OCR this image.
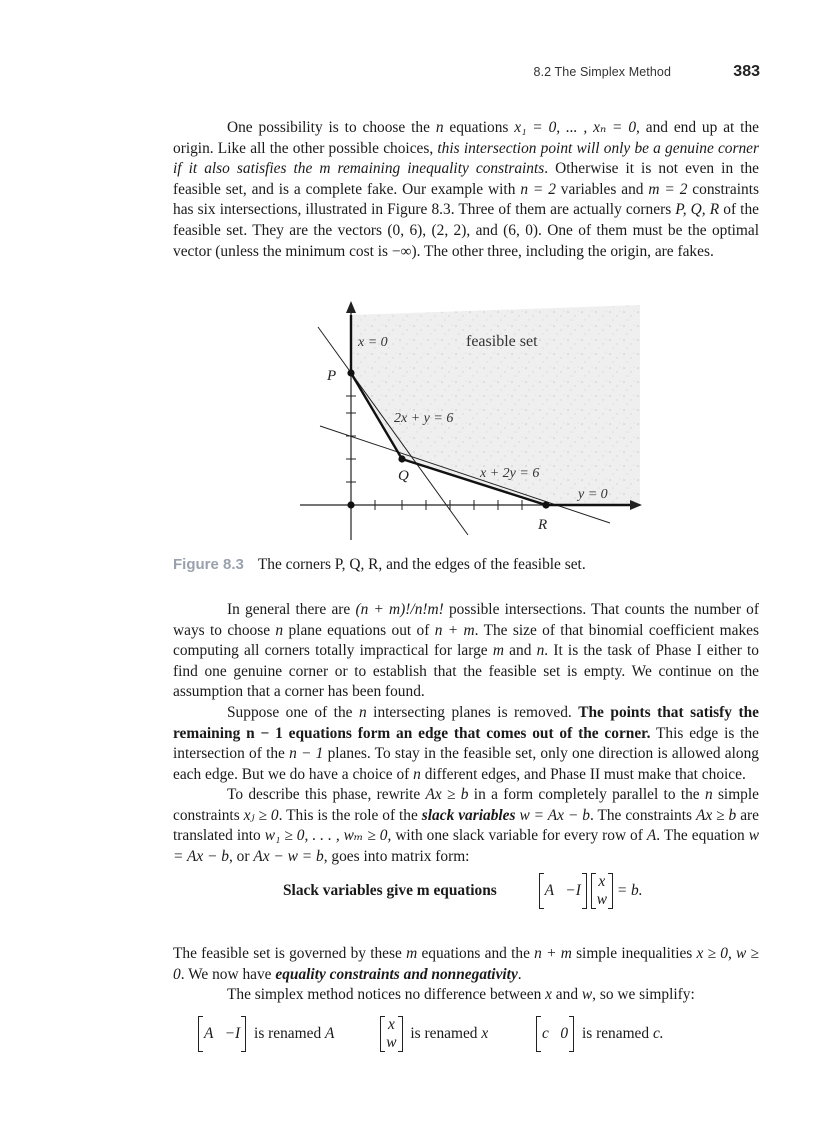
8.2 The Simplex Method	383

One possibility is to choose the n equations x₁ = 0, ... , xₙ = 0, and end up at the origin. Like all the other possible choices, this intersection point will only be a genuine corner if it also satisfies the m remaining inequality constraints. Otherwise it is not even in the feasible set, and is a complete fake. Our example with n = 2 variables and m = 2 constraints has six intersections, illustrated in Figure 8.3. Three of them are actually corners P, Q, R of the feasible set. They are the vectors (0, 6), (2, 2), and (6, 0). One of them must be the optimal vector (unless the minimum cost is −∞). The other three, including the origin, are fakes.

x = 0	feasible set
P
2x + y = 6
Q	x + 2y = 6
y = 0
R
Figure 8.3 The corners P, Q, R, and the edges of the feasible set.

In general there are (n + m)!/n!m! possible intersections. That counts the number of ways to choose n plane equations out of n + m. The size of that binomial coefficient makes computing all corners totally impractical for large m and n. It is the task of Phase I either to find one genuine corner or to establish that the feasible set is empty. We continue on the assumption that a corner has been found.

Suppose one of the n intersecting planes is removed. The points that satisfy the remaining n − 1 equations form an edge that comes out of the corner. This edge is the intersection of the n − 1 planes. To stay in the feasible set, only one direction is allowed along each edge. But we do have a choice of n different edges, and Phase II must make that choice.

To describe this phase, rewrite Ax ≥ b in a form completely parallel to the n simple constraints xⱼ ≥ 0. This is the role of the slack variables w = Ax − b. The constraints Ax ≥ b are translated into w₁ ≥ 0, . . . , wₘ ≥ 0, with one slack variable for every row of A. The equation w = Ax − b, or Ax − w = b, goes into matrix form:

Slack variables give m equations	A   −I
x
w
= b.

The feasible set is governed by these m equations and the n + m simple inequalities x ≥ 0, w ≥ 0. We now have equality constraints and nonnegativity.

The simplex method notices no difference between x and w, so we simplify:

A   −I is renamed A
x
w
is renamed x	c   0 is renamed c.
